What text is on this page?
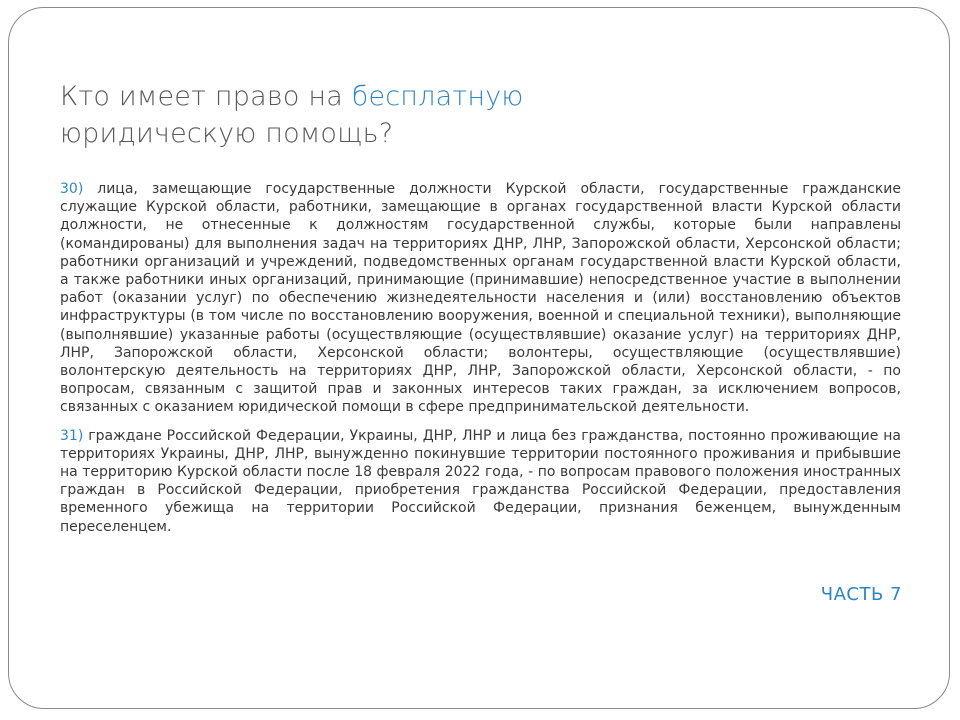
Кто имеет право на бесплатную
юридическую помощь?

30) лица, замещающие государственные должности Курской области, государственные гражданские служащие Курской области, работники, замещающие в органах государственной власти Курской области должности, не отнесенные к должностям государственной службы, которые были направлены (командированы) для выполнения задач на территориях ДНР, ЛНР, Запорожской области, Херсонской области; работники организаций и учреждений, подведомственных органам государственной власти Курской области, а также работники иных организаций, принимающие (принимавшие) непосредственное участие в выполнении работ (оказании услуг) по обеспечению жизнедеятельности населения и (или) восстановлению объектов инфраструктуры (в том числе по восстановлению вооружения, военной и специальной техники), выполняющие (выполнявшие) указанные работы (осуществляющие (осуществлявшие) оказание услуг) на территориях ДНР, ЛНР, Запорожской области, Херсонской области; волонтеры, осуществляющие (осуществлявшие) волонтерскую деятельность на территориях ДНР, ЛНР, Запорожской области, Херсонской области, - по вопросам, связанным с защитой прав и законных интересов таких граждан, за исключением вопросов, связанных с оказанием юридической помощи в сфере предпринимательской деятельности.

31) граждане Российской Федерации, Украины, ДНР, ЛНР и лица без гражданства, постоянно проживающие на территориях Украины, ДНР, ЛНР, вынужденно покинувшие территории постоянного проживания и прибывшие на территорию Курской области после 18 февраля 2022 года, - по вопросам правового положения иностранных граждан в Российской Федерации, приобретения гражданства Российской Федерации, предоставления временного убежища на территории Российской Федерации, признания беженцем, вынужденным переселенцем.

ЧАСТЬ 7
